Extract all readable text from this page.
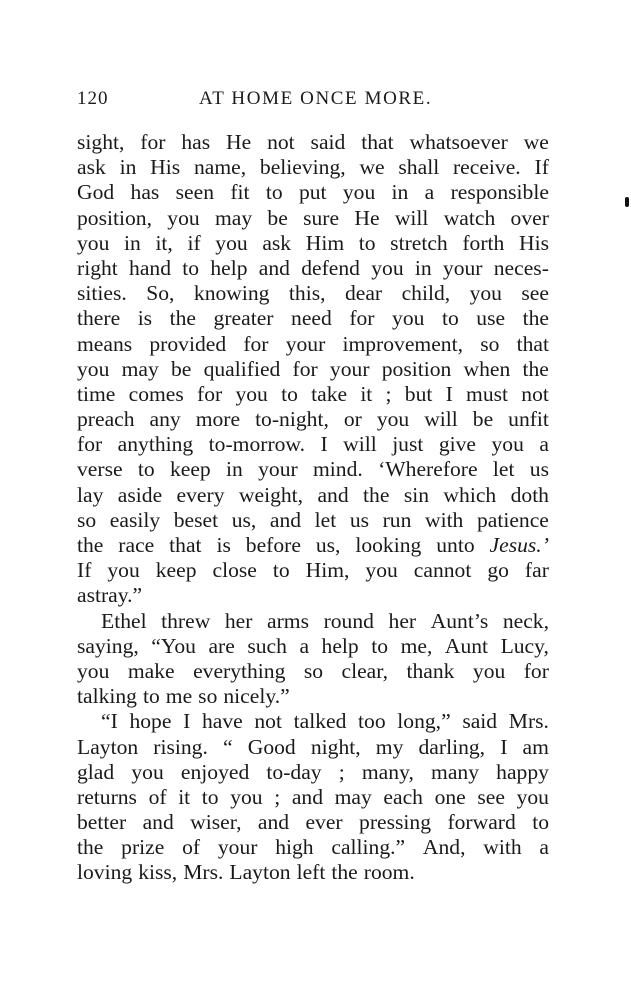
120	AT HOME ONCE MORE.
sight, for has He not said that whatsoever we
ask in His name, believing, we shall receive. If
God has seen fit to put you in a responsible
position, you may be sure He will watch over
you in it, if you ask Him to stretch forth His
right hand to help and defend you in your neces-
sities. So, knowing this, dear child, you see
there is the greater need for you to use the
means provided for your improvement, so that
you may be qualified for your position when the
time comes for you to take it ; but I must not
preach any more to-night, or you will be unfit
for anything to-morrow. I will just give you a
verse to keep in your mind. ‘Wherefore let us
lay aside every weight, and the sin which doth
so easily beset us, and let us run with patience
the race that is before us, looking unto Jesus.’
If you keep close to Him, you cannot go far
astray.”
Ethel threw her arms round her Aunt’s neck,
saying, “You are such a help to me, Aunt Lucy,
you make everything so clear, thank you for
talking to me so nicely.”
“I hope I have not talked too long,” said Mrs.
Layton rising. “ Good night, my darling, I am
glad you enjoyed to-day ; many, many happy
returns of it to you ; and may each one see you
better and wiser, and ever pressing forward to
the prize of your high calling.” And, with a
loving kiss, Mrs. Layton left the room.
